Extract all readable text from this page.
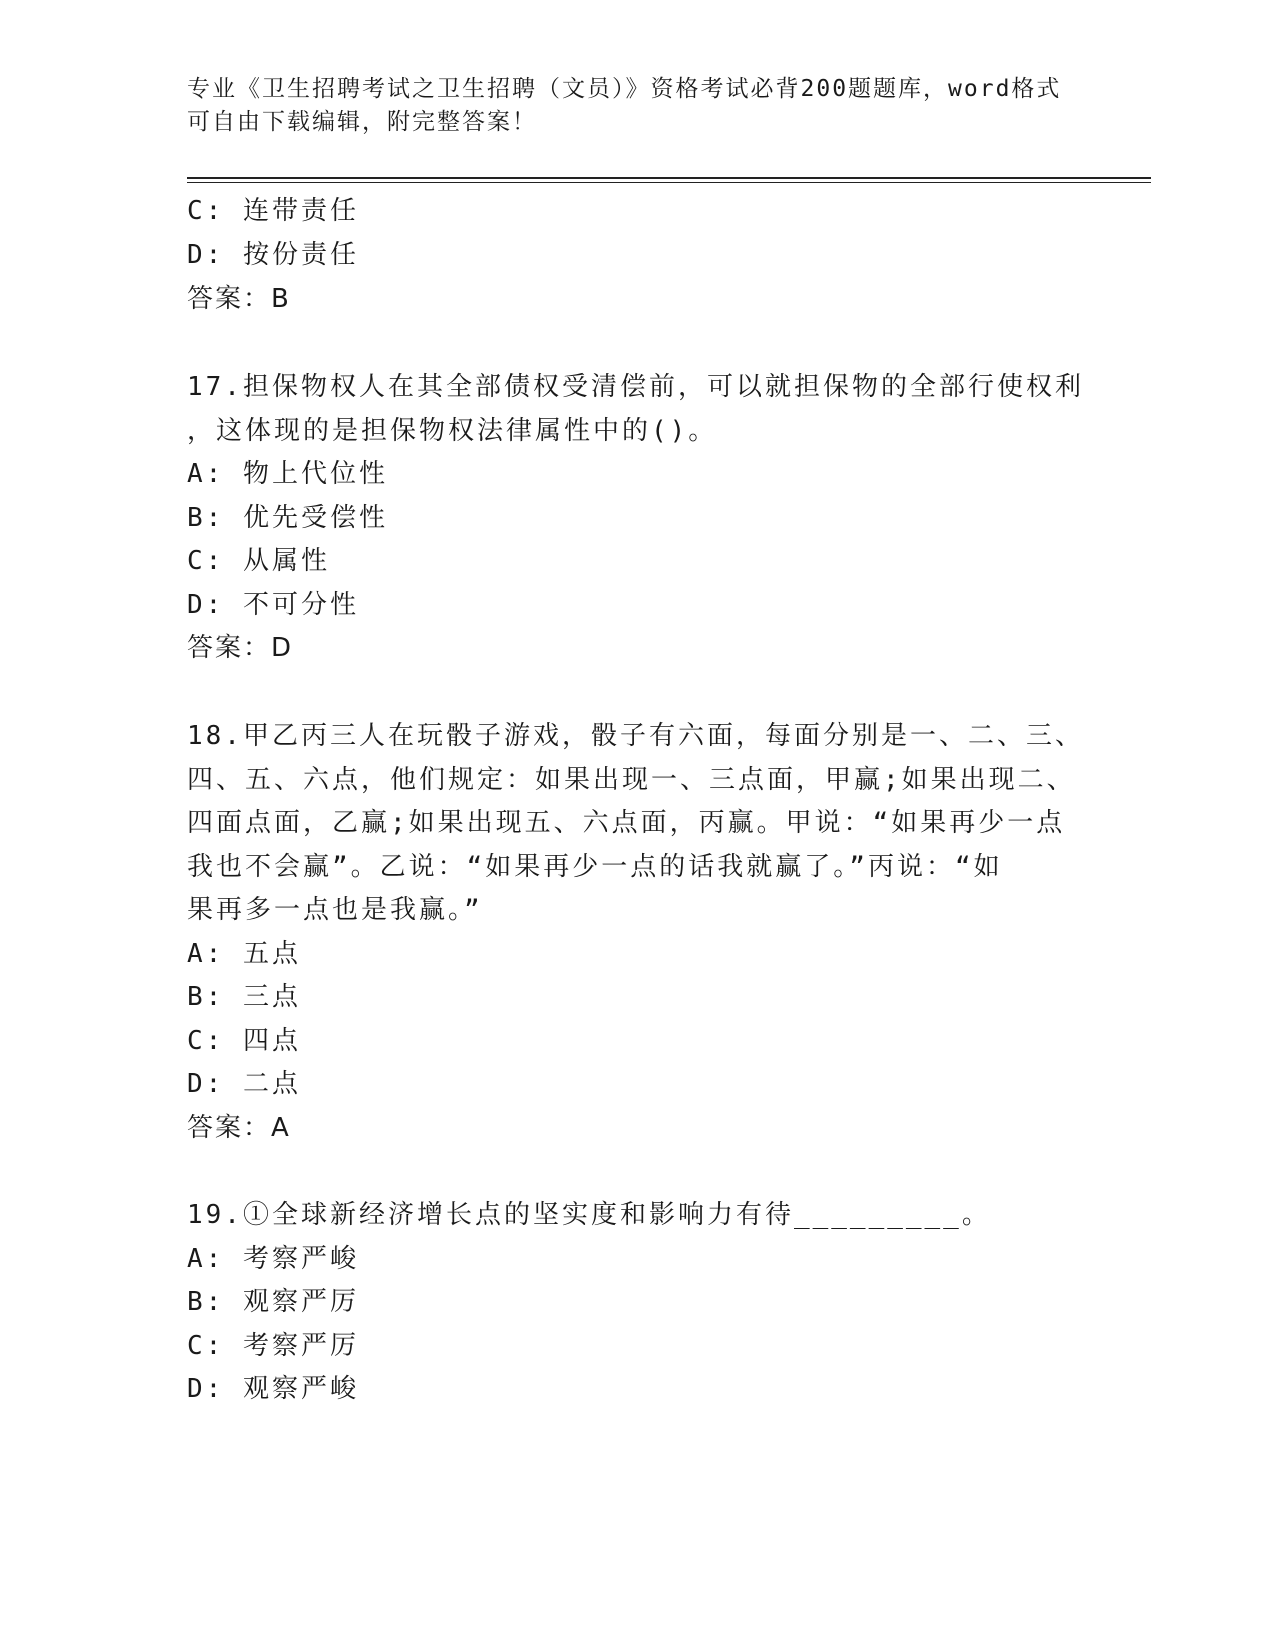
专业《卫生招聘考试之卫生招聘（文员）》资格考试必背200题题库，word格式
可自由下载编辑，附完整答案！
C: 连带责任
D: 按份责任
答案：B
17.担保物权人在其全部债权受清偿前，可以就担保物的全部行使权利
，这体现的是担保物权法律属性中的()。
A: 物上代位性
B: 优先受偿性
C: 从属性
D: 不可分性
答案：D
18.甲乙丙三人在玩骰子游戏，骰子有六面，每面分别是一、二、三、
四、五、六点，他们规定：如果出现一、三点面，甲赢;如果出现二、
四面点面，乙赢;如果出现五、六点面，丙赢。甲说：“如果再少一点
我也不会赢”。乙说：“如果再少一点的话我就赢了。”丙说：“如
果再多一点也是我赢。”
A: 五点
B: 三点
C: 四点
D: 二点
答案：A
19.①全球新经济增长点的坚实度和影响力有待_________。
A: 考察严峻
B: 观察严厉
C: 考察严厉
D: 观察严峻
